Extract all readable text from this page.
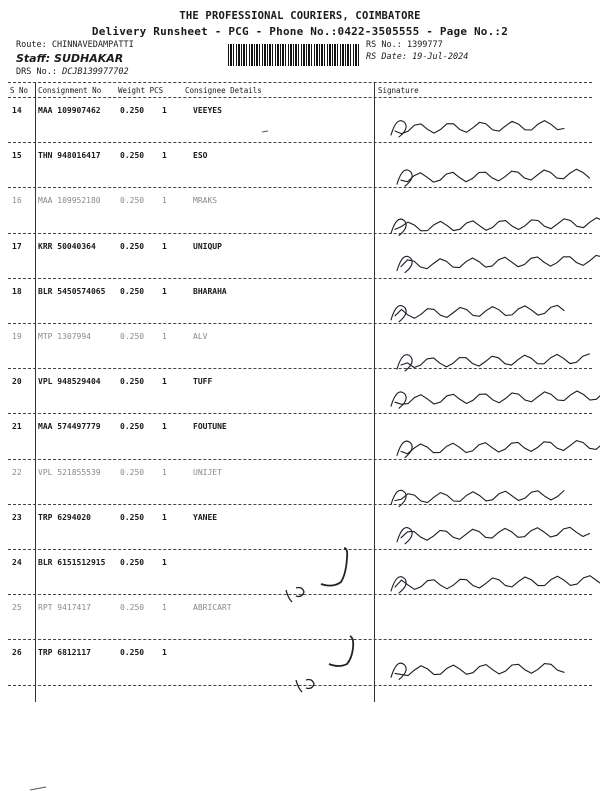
THE PROFESSIONAL COURIERS, COIMBATORE
Delivery Runsheet - PCG - Phone No.:0422-3505555 - Page No.:2
Route: CHINNAVEDAMPATTI
Staff: SUDHAKAR
DRS No.: DCJB139977702
RS No.: 1399777
RS Date: 19-Jul-2024
S No Consignment No Weight PCS	Consignee Details	Signature
14 MAA 109907462 0.250 1	VEEYES
15 THN 948016417 0.250 1	ESO
16 MAA 109952180 0.250 1	MRAKS
17 KRR 50040364	0.250 1	UNIQUP
18 BLR 5450574065 0.250 1	BHARAHA
19 MTP 1307994	0.250 1	ALV
20 VPL 948529404 0.250 1	TUFF
21 MAA 574497779 0.250 1	FOUTUNE
22 VPL 521855539 0.250 1	UNIJET
23 TRP 6294020	0.250 1	YANEE
24 BLR 6151512915 0.250 1
25 RPT 9417417	0.250 1	ABRICART
26 TRP 6812117	0.250 1
